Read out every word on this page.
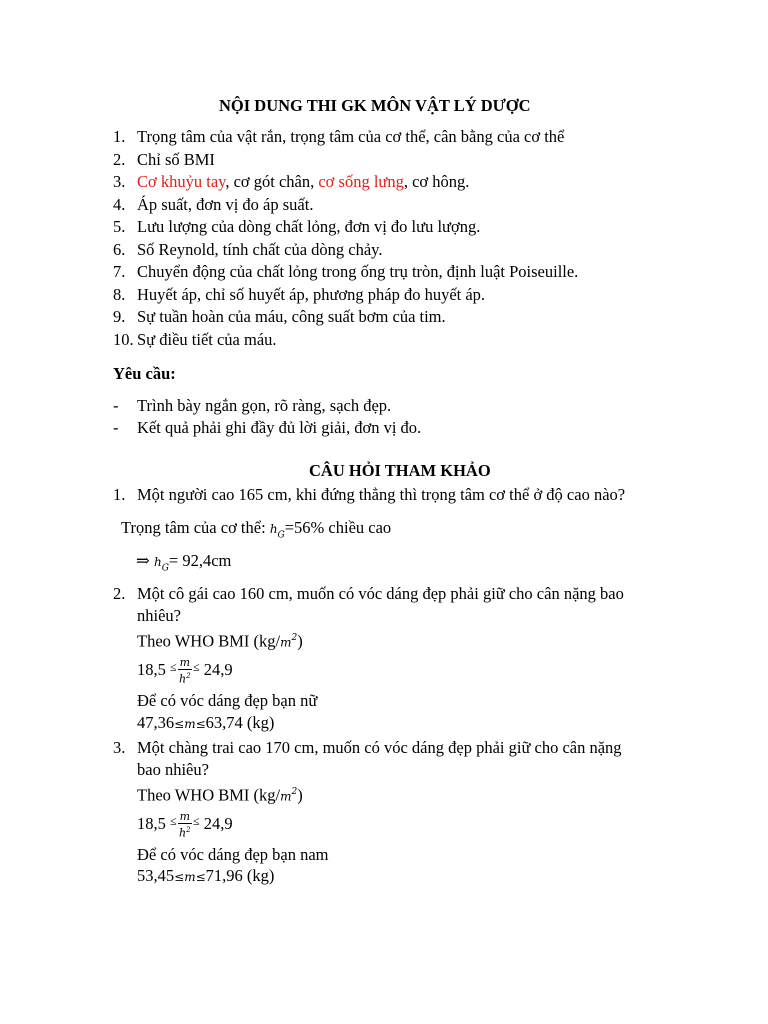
NỘI DUNG THI GK MÔN VẬT LÝ DƯỢC
1. Trọng tâm của vật rắn, trọng tâm của cơ thể, cân bằng của cơ thể
2. Chỉ số BMI
3. Cơ khuỷu tay, cơ gót chân, cơ sống lưng, cơ hông.
4. Áp suất, đơn vị đo áp suất.
5. Lưu lượng của dòng chất lỏng, đơn vị đo lưu lượng.
6. Số Reynold, tính chất của dòng chảy.
7. Chuyển động của chất lỏng trong ống trụ tròn, định luật Poiseuille.
8. Huyết áp, chỉ số huyết áp, phương pháp đo huyết áp.
9. Sự tuần hoàn của máu, công suất bơm của tim.
10. Sự điều tiết của máu.
Yêu cầu:
- Trình bày ngắn gọn, rõ ràng, sạch đẹp.
- Kết quả phải ghi đầy đủ lời giải, đơn vị đo.
CÂU HỎI THAM KHẢO
1. Một người cao 165 cm, khi đứng thẳng thì trọng tâm cơ thể ở độ cao nào?
Trọng tâm của cơ thể: $h_G=56\%$ chiều cao
⇒ $h_G= 92,4cm$
2. Một cô gái cao 160 cm, muốn có vóc dáng đẹp phải giữ cho cân nặng bao
nhiêu?
Theo WHO BMI $(kg/m^2)$
18,5 $^\le \frac{m}{h^2} ^\le$ 24,9
Để có vóc dáng đẹp bạn nữ
47,36≤m≤63,74 (kg)
3. Một chàng trai cao 170 cm, muốn có vóc dáng đẹp phải giữ cho cân nặng
bao nhiêu?
Theo WHO BMI $(kg/m^2)$
18,5 $^\le \frac{m}{h^2} ^\le$ 24,9
Để có vóc dáng đẹp bạn nam
53,45≤m≤71,96 (kg)
